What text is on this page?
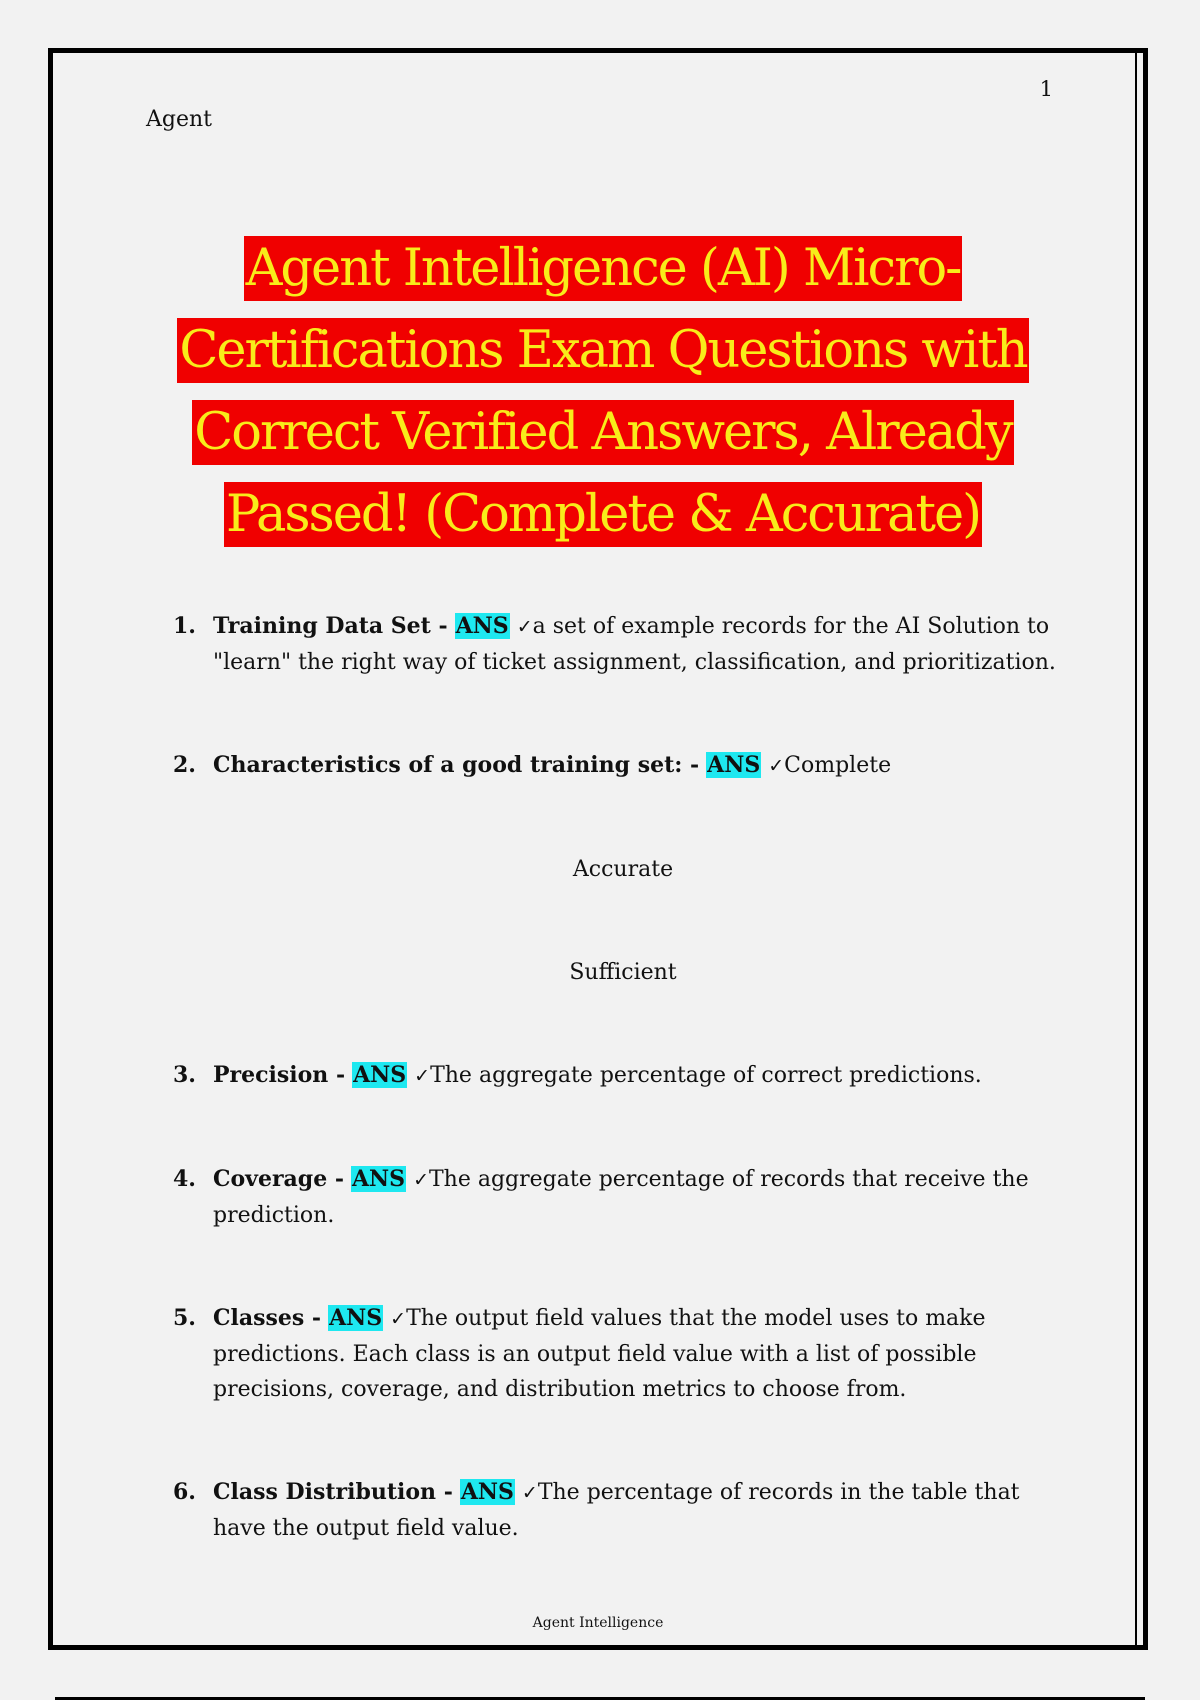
Agent
1
Agent Intelligence (AI) Micro-
Certifications Exam Questions with
Correct Verified Answers, Already
Passed! (Complete & Accurate)
1. Training Data Set - ANS ✓a set of example records for the AI Solution to
"learn" the right way of ticket assignment, classification, and prioritization.
2. Characteristics of a good training set: - ANS ✓Complete
Accurate
Sufficient
3. Precision - ANS ✓The aggregate percentage of correct predictions.
4. Coverage - ANS ✓The aggregate percentage of records that receive the
prediction.
5. Classes - ANS ✓The output field values that the model uses to make
predictions. Each class is an output field value with a list of possible
precisions, coverage, and distribution metrics to choose from.
6. Class Distribution - ANS ✓The percentage of records in the table that
have the output field value.
Agent Intelligence
